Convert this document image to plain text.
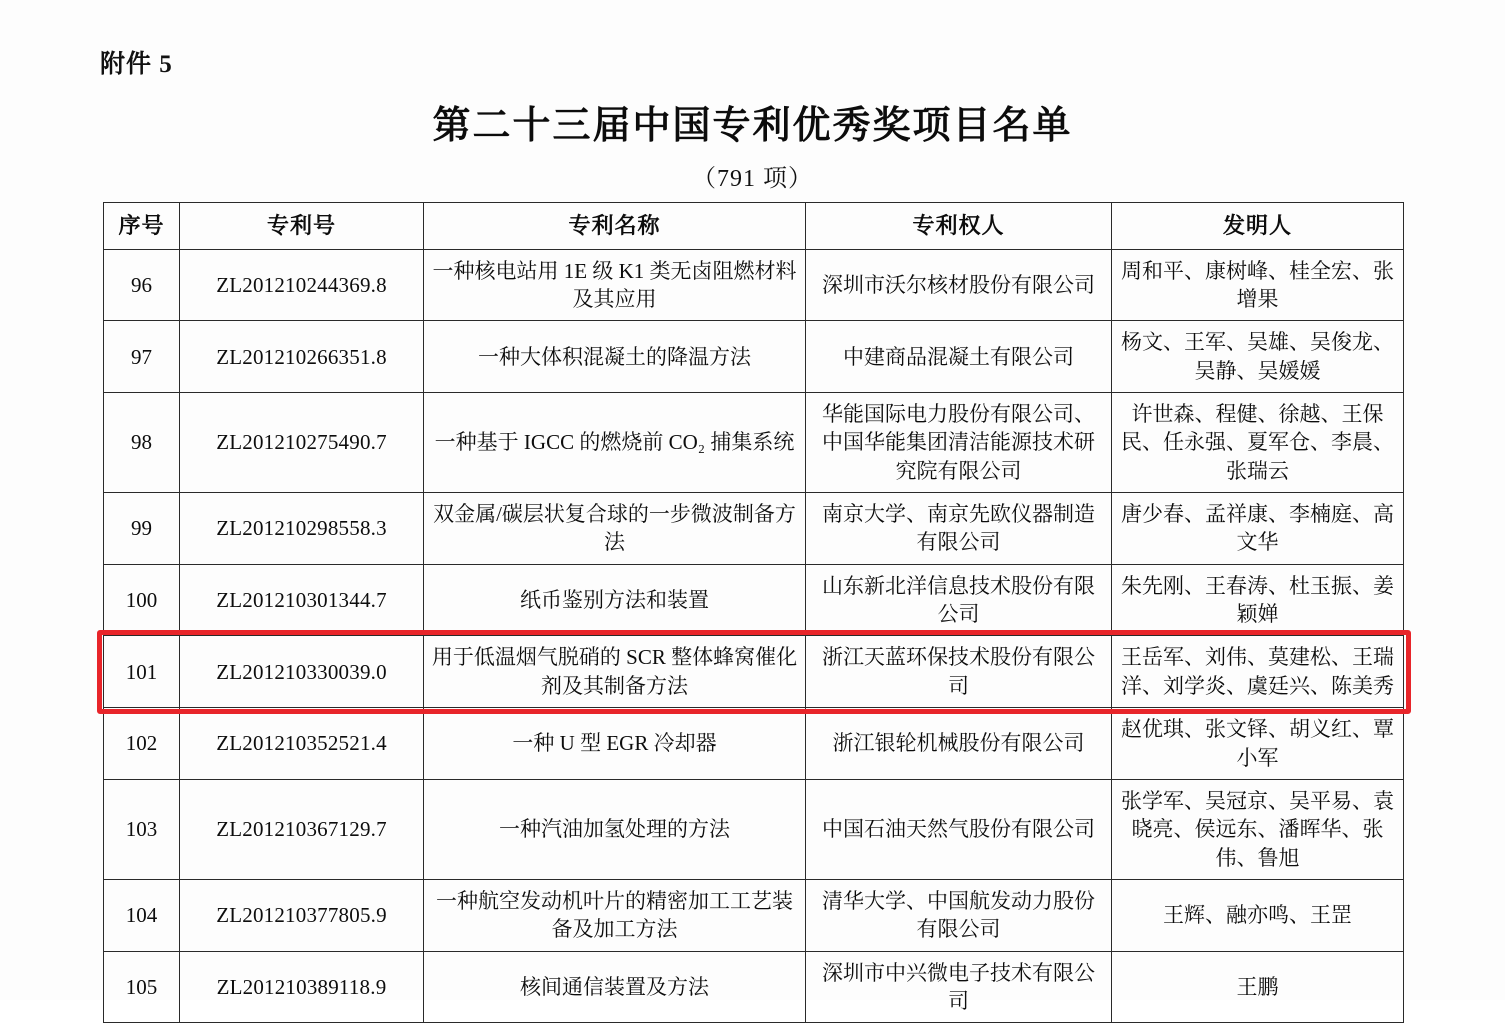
附件 5
第二十三届中国专利优秀奖项目名单
（791 项）
序号	专利号	专利名称	专利权人	发明人
96	ZL201210244369.8	一种核电站用 1E 级 K1 类无卤阻燃材料及其应用	深圳市沃尔核材股份有限公司	周和平、康树峰、桂全宏、张增果
97	ZL201210266351.8	一种大体积混凝土的降温方法	中建商品混凝土有限公司	杨文、王军、吴雄、吴俊龙、吴静、吴媛媛
98	ZL201210275490.7	一种基于 IGCC 的燃烧前 CO₂ 捕集系统	华能国际电力股份有限公司、中国华能集团清洁能源技术研究院有限公司	许世森、程健、徐越、王保民、任永强、夏军仓、李晨、张瑞云
99	ZL201210298558.3	双金属/碳层状复合球的一步微波制备方法	南京大学、南京先欧仪器制造有限公司	唐少春、孟祥康、李楠庭、高文华
100	ZL201210301344.7	纸币鉴别方法和装置	山东新北洋信息技术股份有限公司	朱先刚、王春涛、杜玉振、姜颖婵
101	ZL201210330039.0	用于低温烟气脱硝的 SCR 整体蜂窝催化剂及其制备方法	浙江天蓝环保技术股份有限公司	王岳军、刘伟、莫建松、王瑞洋、刘学炎、虞廷兴、陈美秀
102	ZL201210352521.4	一种 U 型 EGR 冷却器	浙江银轮机械股份有限公司	赵优琪、张文铎、胡义红、覃小军
103	ZL201210367129.7	一种汽油加氢处理的方法	中国石油天然气股份有限公司	张学军、吴冠京、吴平易、袁晓亮、侯远东、潘晖华、张伟、鲁旭
104	ZL201210377805.9	一种航空发动机叶片的精密加工工艺装备及加工方法	清华大学、中国航发动力股份有限公司	王辉、融亦鸣、王罡
105	ZL201210389118.9	核间通信装置及方法	深圳市中兴微电子技术有限公司	王鹏
